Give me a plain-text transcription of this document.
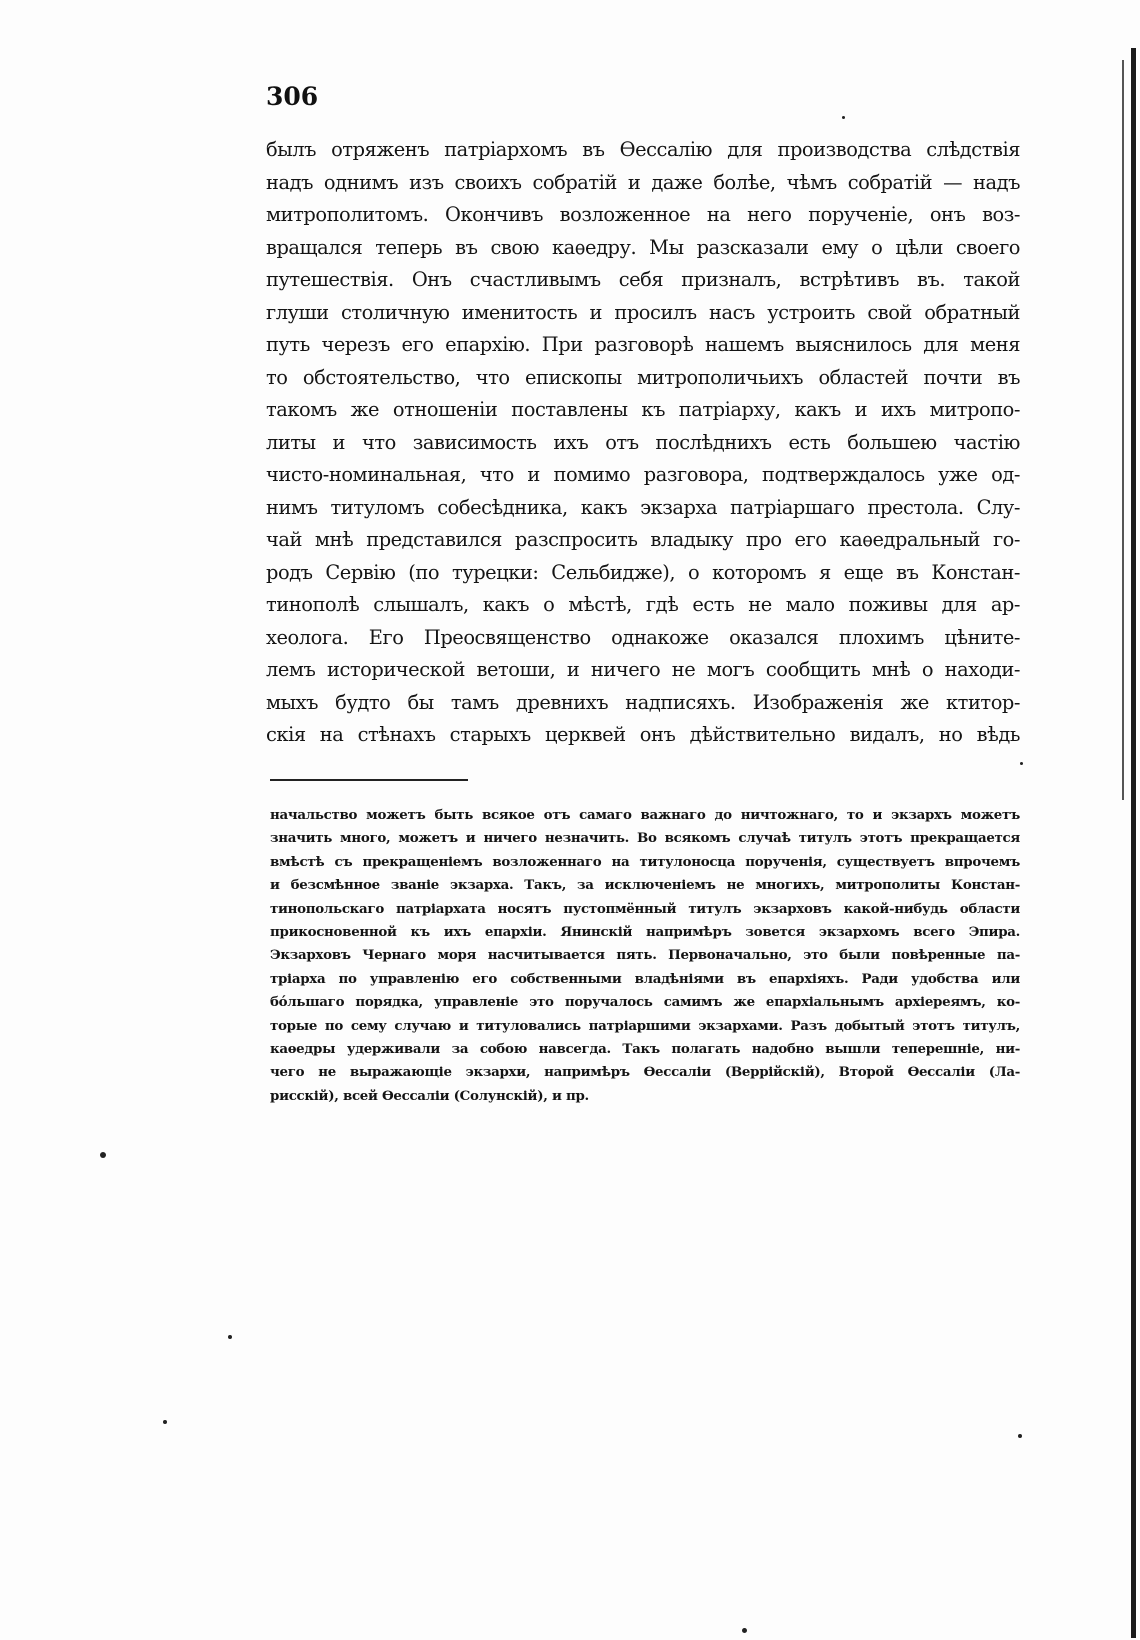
306
былъ отряженъ патріархомъ въ Өессалію для производства слѣдствія
надъ однимъ изъ своихъ собратій и даже болѣе, чѣмъ собратій — надъ
митрополитомъ. Окончивъ возложенное на него порученіе, онъ воз-
вращался теперь въ свою каѳедру. Мы разсказали ему о цѣли своего
путешествія. Онъ счастливымъ себя призналъ, встрѣтивъ въ. такой
глуши столичную именитость и просилъ насъ устроить свой обратный
путь черезъ его епархію. При разговорѣ нашемъ выяснилось для меня
то обстоятельство, что епископы митрополичьихъ областей почти въ
такомъ же отношеніи поставлены къ патріарху, какъ и ихъ митропо-
литы и что зависимость ихъ отъ послѣднихъ есть большею частію
чисто-номинальная, что и помимо разговора, подтверждалось уже од-
нимъ титуломъ собесѣдника, какъ экзарха патріаршаго престола. Слу-
чай мнѣ представился разспросить владыку про его каѳедральный го-
родъ Сервію (по турецки: Сельбидже), о которомъ я еще въ Констан-
тинополѣ слышалъ, какъ о мѣстѣ, гдѣ есть не мало поживы для ар-
хеолога. Его Преосвященство однакоже оказался плохимъ цѣните-
лемъ исторической ветоши, и ничего не могъ сообщить мнѣ о находи-
мыхъ будто бы тамъ древнихъ надписяхъ. Изображенія же ктитор-
скія на стѣнахъ старыхъ церквей онъ дѣйствительно видалъ, но вѣдь
начальство можетъ быть всякое отъ самаго важнаго до ничтожнаго, то и экзархъ можетъ
значить много, можетъ и ничего незначить. Во всякомъ случаѣ титулъ этотъ прекращается
вмѣстѣ съ прекращеніемъ возложеннаго на титулоносца порученія, существуетъ впрочемъ
и безсмѣнное званіе экзарха. Такъ, за исключеніемъ не многихъ, митрополиты Констан-
тинопольскаго патріархата носятъ пустопмённый титулъ экзарховъ какой-нибудь области
прикосновенной къ ихъ епархіи. Янинскій напримѣръ зовется экзархомъ всего Эпира.
Экзарховъ Чернаго моря насчитывается пять. Первоначально, это были повѣренные па-
тріарха по управленію его собственными владѣніями въ епархіяхъ. Ради удобства или
бóльшаго порядка, управленіе это поручалось самимъ же епархіальнымъ архіереямъ, ко-
торые по сему случаю и титуловались патріаршими экзархами. Разъ добытый этотъ титулъ,
каѳедры удерживали за собою навсегда. Такъ полагать надобно вышли теперешніе, ни-
чего не выражающіе экзархи, напримѣръ Өессаліи (Веррійскій), Второй Өессаліи (Ла-
рисскій), всей Өессаліи (Солунскій), и пр.
